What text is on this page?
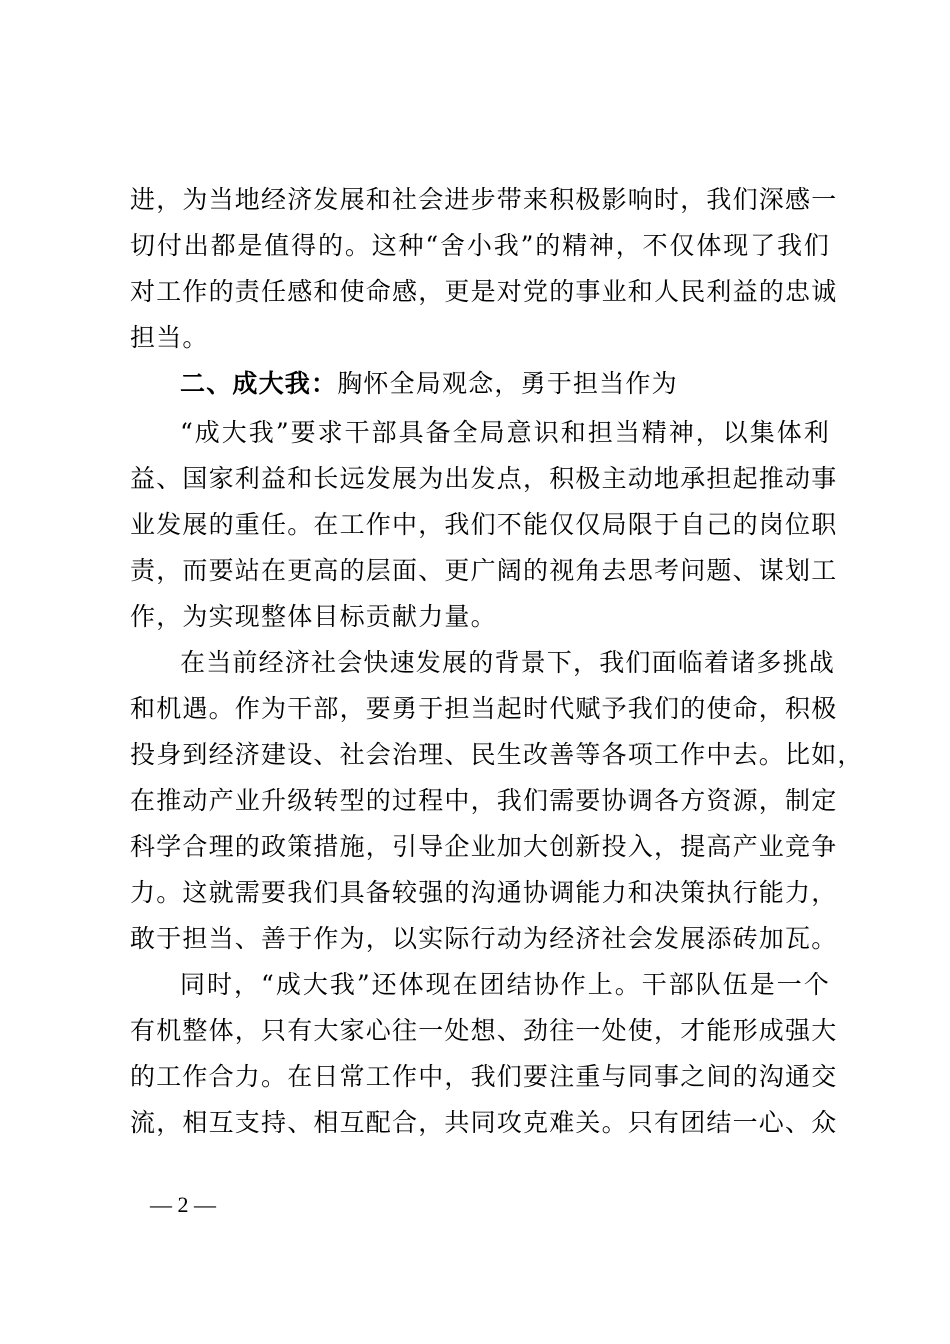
进，为当地经济发展和社会进步带来积极影响时，我们深感一
切付出都是值得的。这种“舍小我”的精神，不仅体现了我们
对工作的责任感和使命感，更是对党的事业和人民利益的忠诚
担当。
二、成大我：胸怀全局观念，勇于担当作为
“成大我”要求干部具备全局意识和担当精神，以集体利
益、国家利益和长远发展为出发点，积极主动地承担起推动事
业发展的重任。在工作中，我们不能仅仅局限于自己的岗位职
责，而要站在更高的层面、更广阔的视角去思考问题、谋划工
作，为实现整体目标贡献力量。
在当前经济社会快速发展的背景下，我们面临着诸多挑战
和机遇。作为干部，要勇于担当起时代赋予我们的使命，积极
投身到经济建设、社会治理、民生改善等各项工作中去。比如，
在推动产业升级转型的过程中，我们需要协调各方资源，制定
科学合理的政策措施，引导企业加大创新投入，提高产业竞争
力。这就需要我们具备较强的沟通协调能力和决策执行能力，
敢于担当、善于作为，以实际行动为经济社会发展添砖加瓦。
同时，“成大我”还体现在团结协作上。干部队伍是一个
有机整体，只有大家心往一处想、劲往一处使，才能形成强大
的工作合力。在日常工作中，我们要注重与同事之间的沟通交
流，相互支持、相互配合，共同攻克难关。只有团结一心、众
— 2 —
